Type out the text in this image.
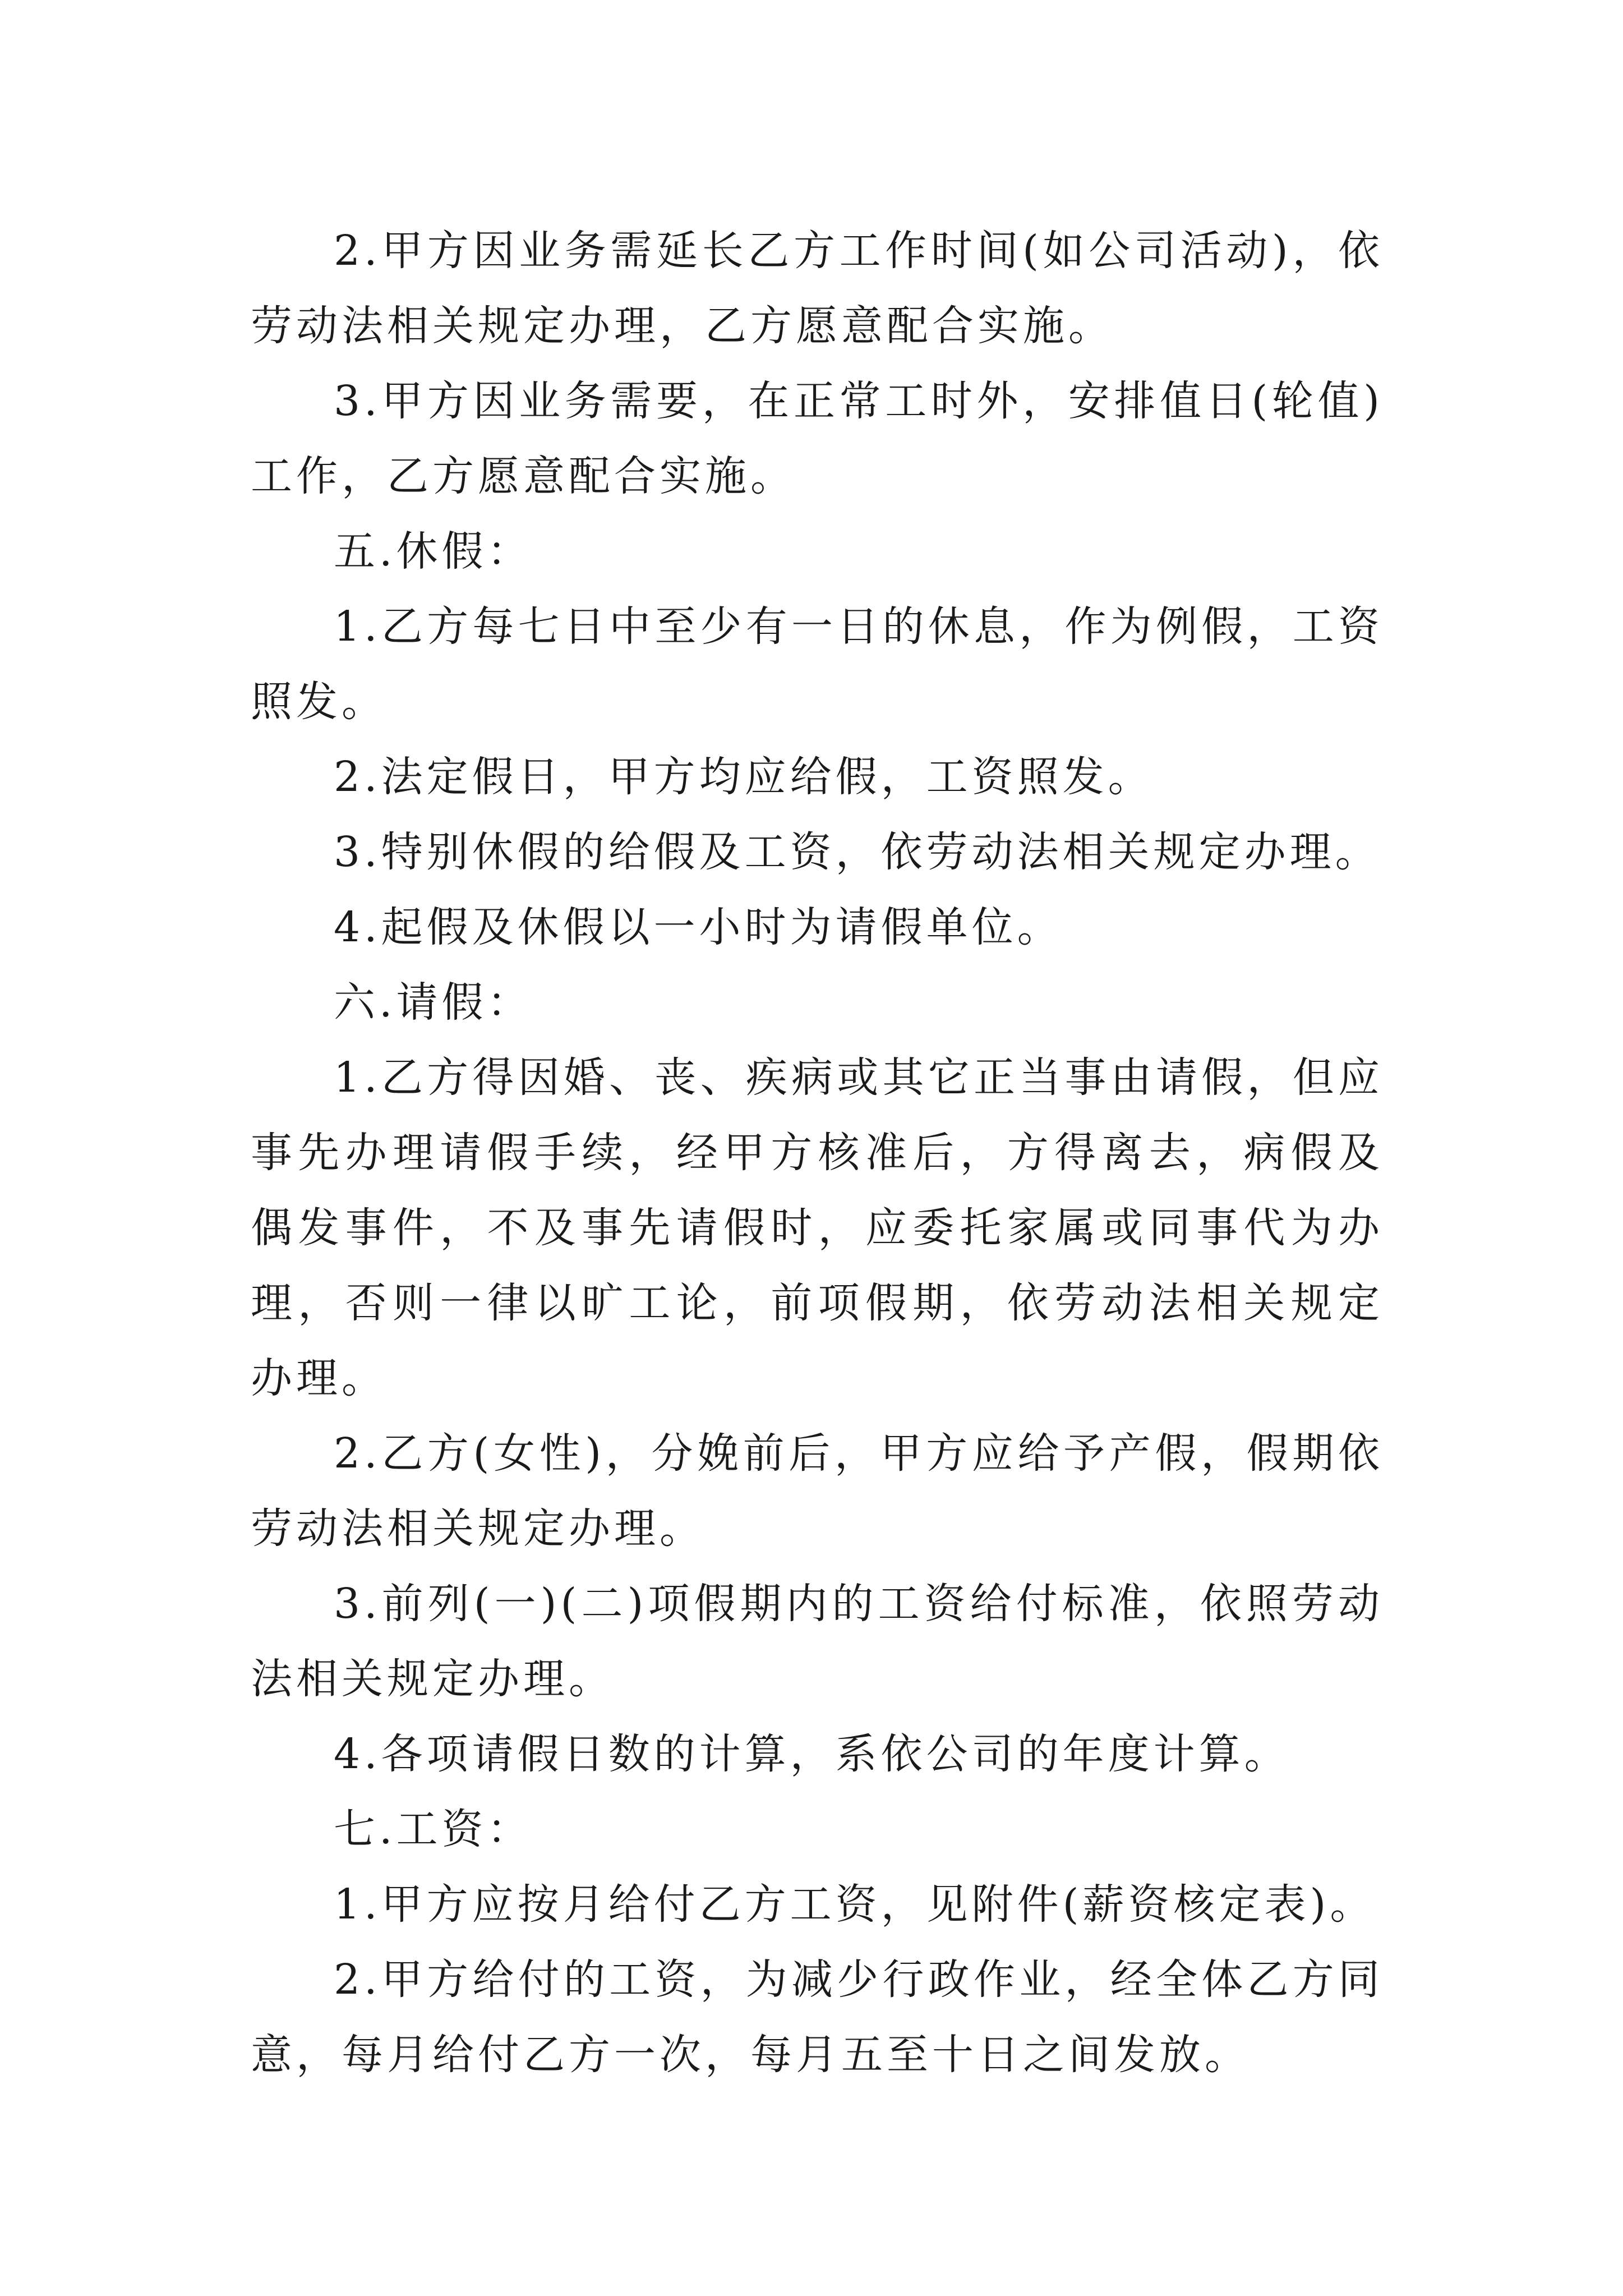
2.甲方因业务需延长乙方工作时间(如公司活动)，依劳动法相关规定办理，乙方愿意配合实施。

3.甲方因业务需要，在正常工时外，安排值日(轮值)工作，乙方愿意配合实施。

五.休假：

1.乙方每七日中至少有一日的休息，作为例假，工资照发。

2.法定假日，甲方均应给假，工资照发。

3.特别休假的给假及工资，依劳动法相关规定办理。

4.起假及休假以一小时为请假单位。

六.请假：

1.乙方得因婚、丧、疾病或其它正当事由请假，但应事先办理请假手续，经甲方核准后，方得离去，病假及偶发事件，不及事先请假时，应委托家属或同事代为办理，否则一律以旷工论，前项假期，依劳动法相关规定办理。

2.乙方(女性)，分娩前后，甲方应给予产假，假期依劳动法相关规定办理。

3.前列(一)(二)项假期内的工资给付标准，依照劳动法相关规定办理。

4.各项请假日数的计算，系依公司的年度计算。

七.工资：

1.甲方应按月给付乙方工资，见附件(薪资核定表)。

2.甲方给付的工资，为减少行政作业，经全体乙方同意，每月给付乙方一次，每月五至十日之间发放。
